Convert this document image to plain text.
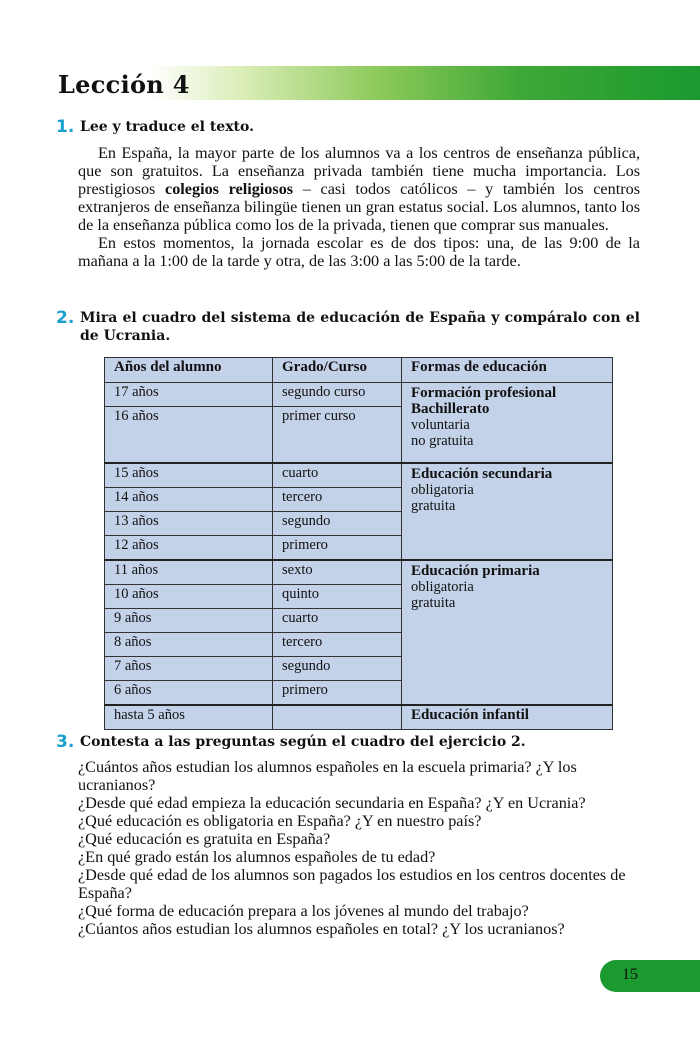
Lección 4
1. Lee y traduce el texto.

En España, la mayor parte de los alumnos va a los centros de enseñanza pública, que son gratuitos. La enseñanza privada también tiene mucha importancia. Los prestigiosos colegios religiosos – casi todos católicos – y también los centros extranjeros de enseñanza bilingüe tienen un gran estatus social. Los alumnos, tanto los de la enseñanza pública como los de la privada, tienen que comprar sus manuales.

En estos momentos, la jornada escolar es de dos tipos: una, de las 9:00 de la mañana a la 1:00 de la tarde y otra, de las 3:00 a las 5:00 de la tarde.

2. Mira el cuadro del sistema de educación de España y compáralo con el de Ucrania.
Años del alumno	Grado/Curso	Formas de educación
17 años	segundo curso	Formación profesional
Bachillerato
voluntaria
no gratuita

16 años	primer curso	
15 años	cuarto	Educación secundaria
obligatoria
gratuita

14 años	tercero	
13 años	segundo	
12 años	primero	
11 años	sexto	Educación primaria
obligatoria
gratuita

10 años	quinto	
9 años	cuarto	
8 años	tercero	
7 años	segundo	
6 años	primero	
hasta 5 años		Educación infantil
3. Contesta a las preguntas según el cuadro del ejercicio 2.
¿Cuántos años estudian los alumnos españoles en la escuela primaria? ¿Y los ucranianos?
¿Desde qué edad empieza la educación secundaria en España? ¿Y en Ucrania?
¿Qué educación es obligatoria en España? ¿Y en nuestro país?
¿Qué educación es gratuita en España?
¿En qué grado están los alumnos españoles de tu edad?
¿Desde qué edad de los alumnos son pagados los estudios en los centros docentes de España?
¿Qué forma de educación prepara a los jóvenes al mundo del trabajo?
¿Cúantos años estudian los alumnos españoles en total? ¿Y los ucranianos?
15
